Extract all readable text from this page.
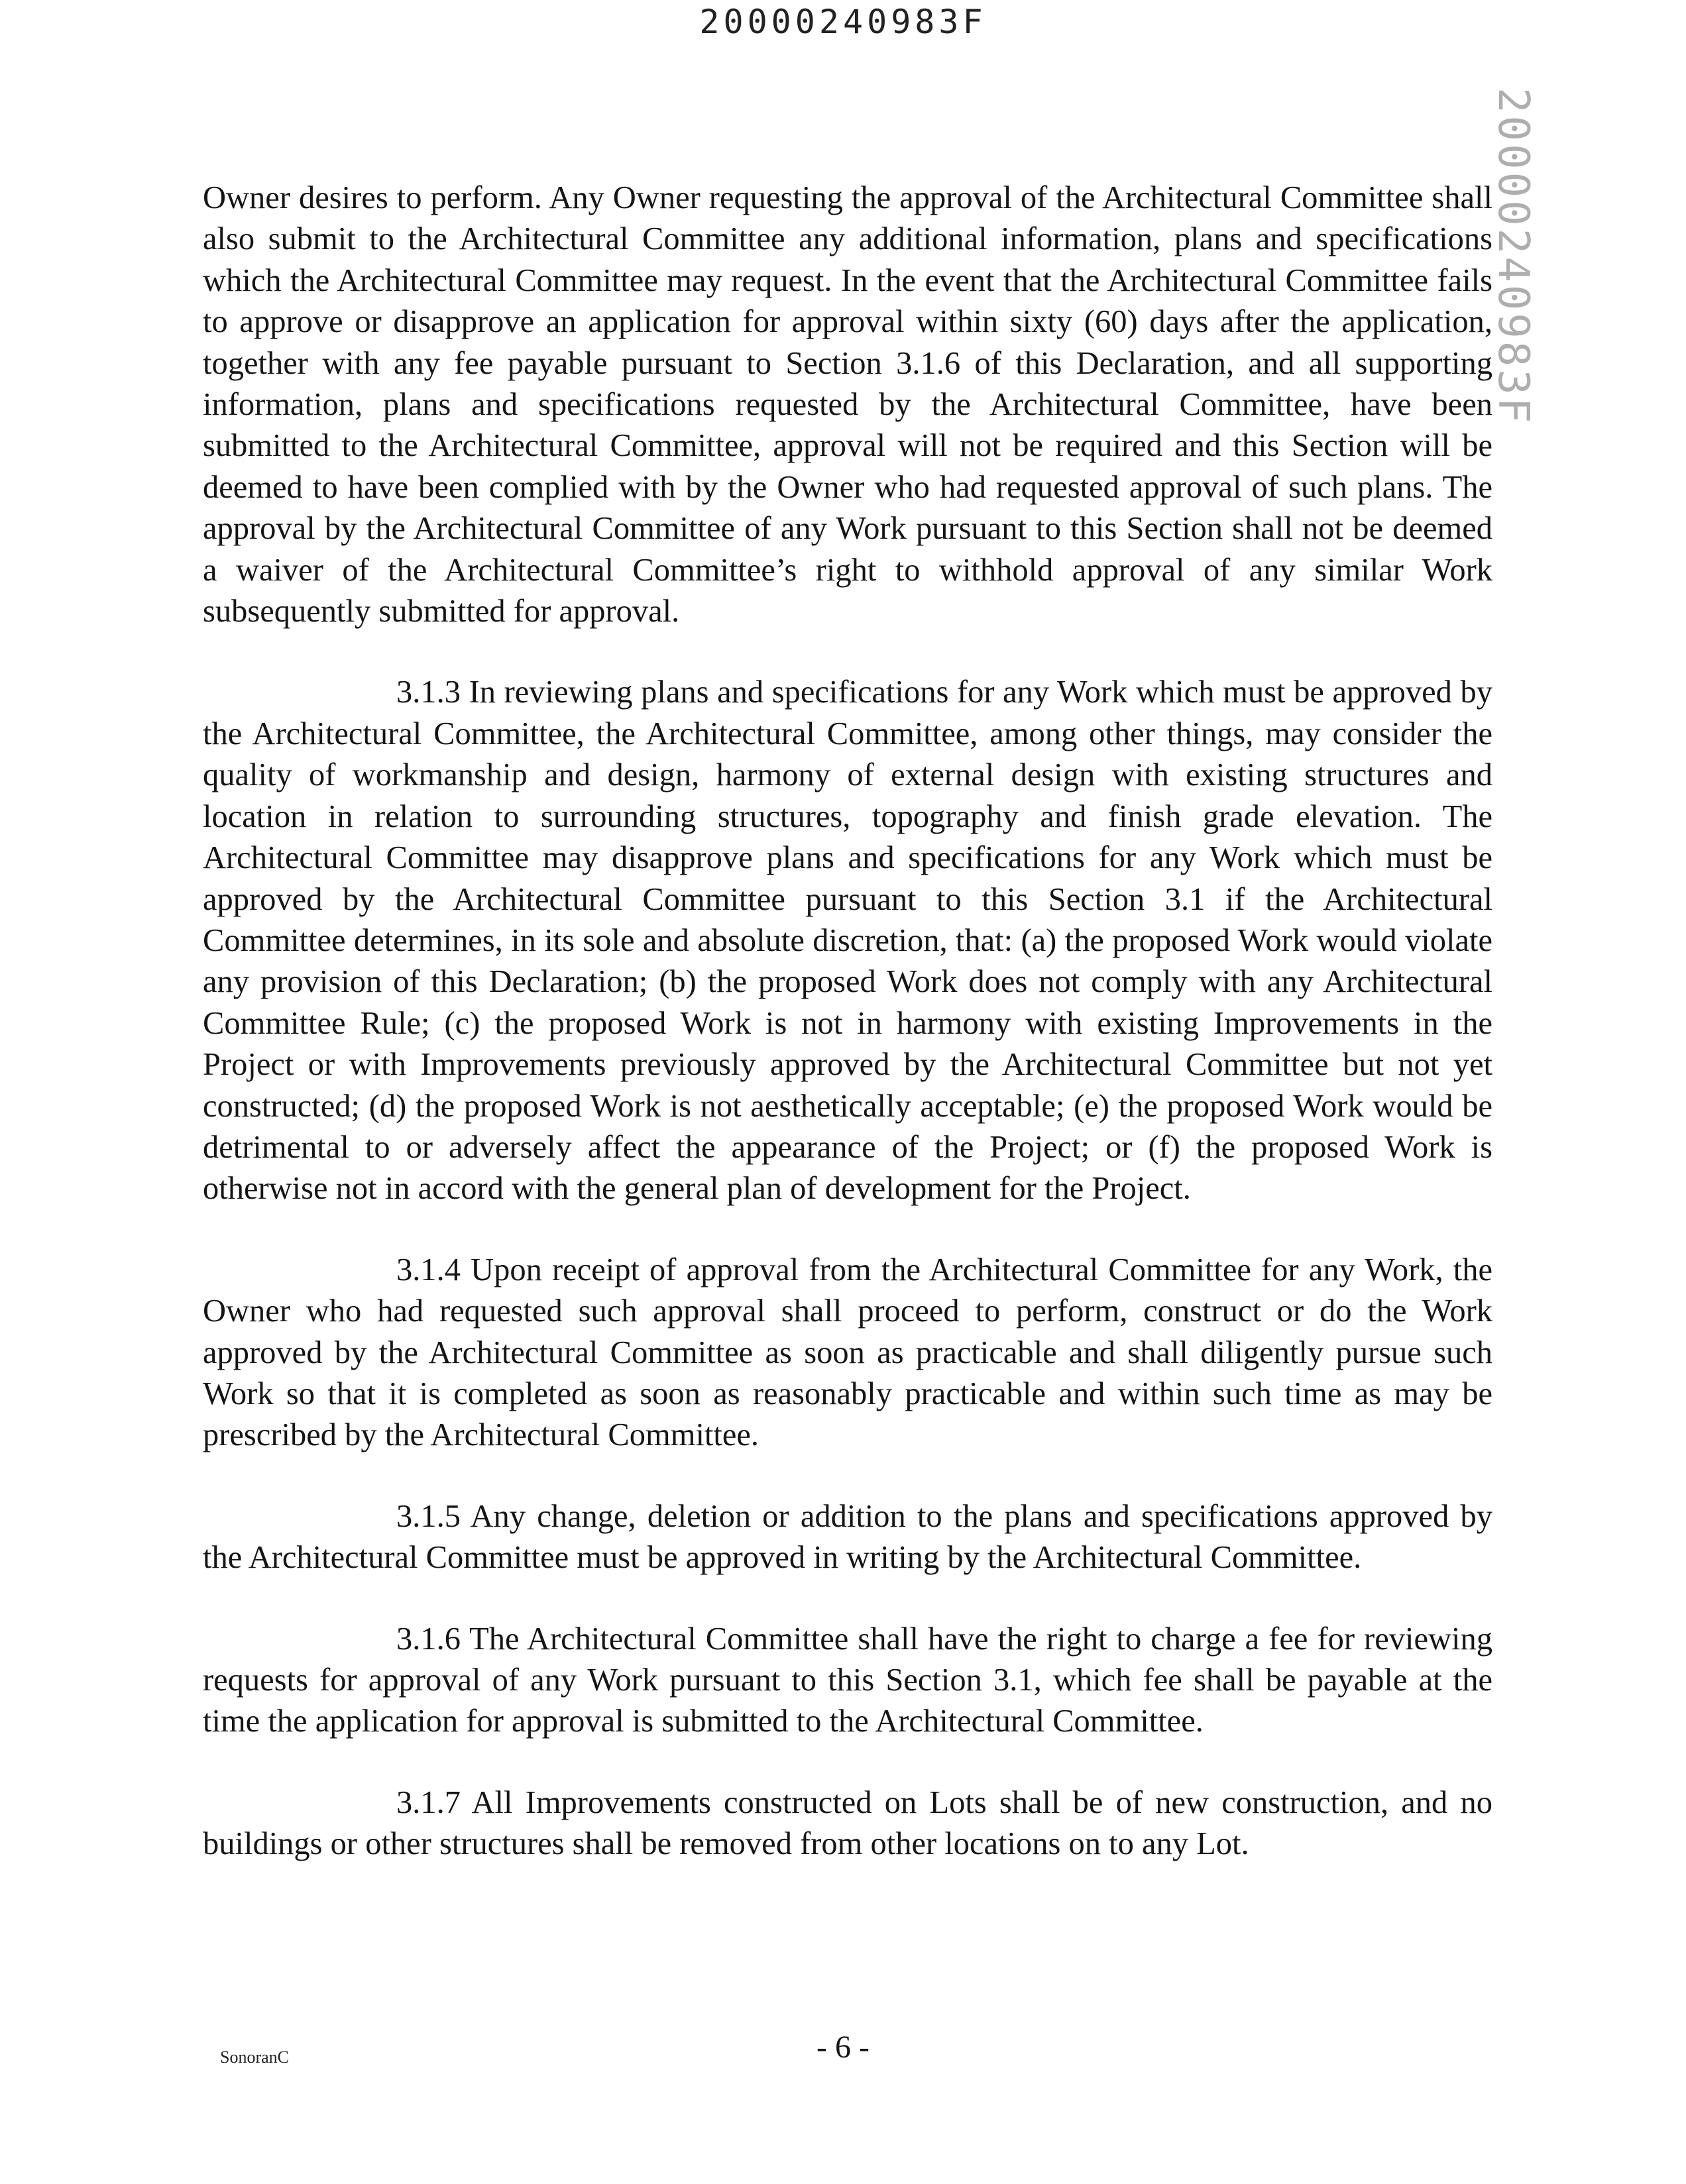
20000240983F
20000240983F

Owner desires to perform. Any Owner requesting the approval of the Architectural Committee shall also submit to the Architectural Committee any additional information, plans and specifications which the Architectural Committee may request. In the event that the Architectural Committee fails to approve or disapprove an application for approval within sixty (60) days after the application, together with any fee payable pursuant to Section 3.1.6 of this Declaration, and all supporting information, plans and specifications requested by the Architectural Committee, have been submitted to the Architectural Committee, approval will not be required and this Section will be deemed to have been complied with by the Owner who had requested approval of such plans. The approval by the Architectural Committee of any Work pursuant to this Section shall not be deemed a waiver of the Architectural Committee’s right to withhold approval of any similar Work subsequently submitted for approval.

3.1.3 In reviewing plans and specifications for any Work which must be approved by the Architectural Committee, the Architectural Committee, among other things, may consider the quality of workmanship and design, harmony of external design with existing structures and location in relation to surrounding structures, topography and finish grade elevation. The Architectural Committee may disapprove plans and specifications for any Work which must be approved by the Architectural Committee pursuant to this Section 3.1 if the Architectural Committee determines, in its sole and absolute discretion, that: (a) the proposed Work would violate any provision of this Declaration; (b) the proposed Work does not comply with any Architectural Committee Rule; (c) the proposed Work is not in harmony with existing Improvements in the Project or with Improvements previously approved by the Architectural Committee but not yet constructed; (d) the proposed Work is not aesthetically acceptable; (e) the proposed Work would be detrimental to or adversely affect the appearance of the Project; or (f) the proposed Work is otherwise not in accord with the general plan of development for the Project.

3.1.4 Upon receipt of approval from the Architectural Committee for any Work, the Owner who had requested such approval shall proceed to perform, construct or do the Work approved by the Architectural Committee as soon as practicable and shall diligently pursue such Work so that it is completed as soon as reasonably practicable and within such time as may be prescribed by the Architectural Committee.

3.1.5 Any change, deletion or addition to the plans and specifications approved by the Architectural Committee must be approved in writing by the Architectural Committee.

3.1.6 The Architectural Committee shall have the right to charge a fee for reviewing requests for approval of any Work pursuant to this Section 3.1, which fee shall be payable at the time the application for approval is submitted to the Architectural Committee.

3.1.7 All Improvements constructed on Lots shall be of new construction, and no buildings or other structures shall be removed from other locations on to any Lot.

SonoranC	- 6 -
